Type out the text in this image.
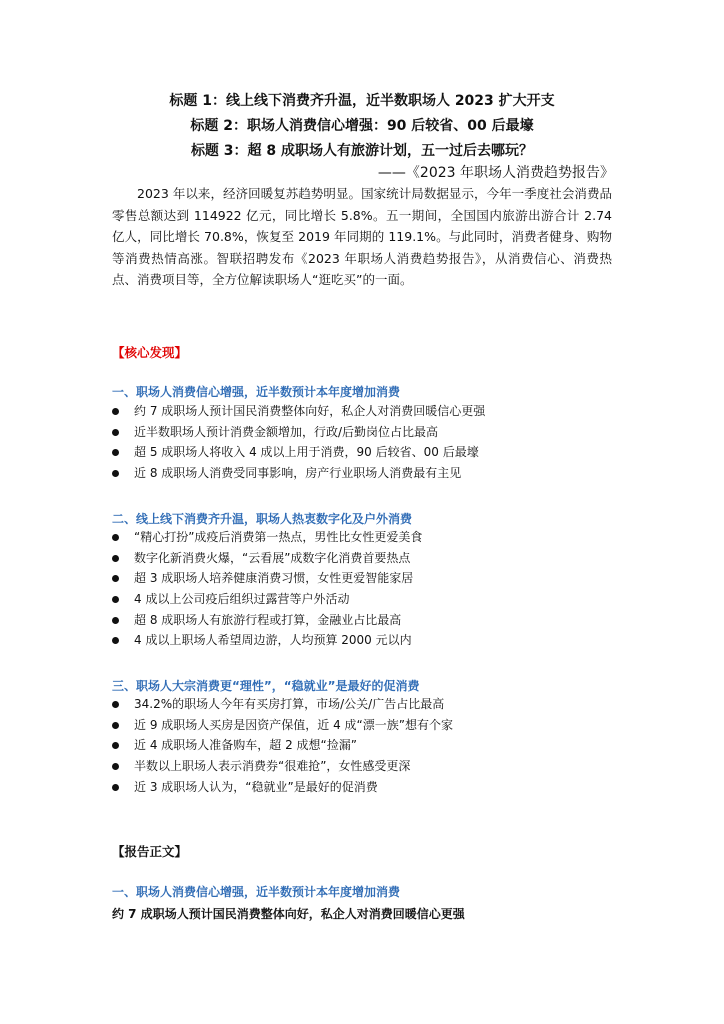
标题 1：线上线下消费齐升温，近半数职场人 2023 扩大开支
标题 2：职场人消费信心增强：90 后较省、00 后最壕
标题 3：超 8 成职场人有旅游计划，五一过后去哪玩？
——《2023 年职场人消费趋势报告》

2023 年以来，经济回暖复苏趋势明显。国家统计局数据显示，今年一季度社会消费品零售总额达到 114922 亿元，同比增长 5.8%。五一期间，全国国内旅游出游合计 2.74 亿人，同比增长 70.8%，恢复至 2019 年同期的 119.1%。与此同时，消费者健身、购物等消费热情高涨。智联招聘发布《2023 年职场人消费趋势报告》，从消费信心、消费热点、消费项目等，全方位解读职场人“逛吃买”的一面。

【核心发现】
一、职场人消费信心增强，近半数预计本年度增加消费
约 7 成职场人预计国民消费整体向好，私企人对消费回暖信心更强
近半数职场人预计消费金额增加，行政/后勤岗位占比最高
超 5 成职场人将收入 4 成以上用于消费，90 后较省、00 后最壕
近 8 成职场人消费受同事影响，房产行业职场人消费最有主见
二、线上线下消费齐升温，职场人热衷数字化及户外消费
“精心打扮”成疫后消费第一热点，男性比女性更爱美食
数字化新消费火爆，“云看展”成数字化消费首要热点
超 3 成职场人培养健康消费习惯，女性更爱智能家居
4 成以上公司疫后组织过露营等户外活动
超 8 成职场人有旅游行程或打算，金融业占比最高
4 成以上职场人希望周边游，人均预算 2000 元以内
三、职场人大宗消费更“理性”，“稳就业”是最好的促消费
34.2%的职场人今年有买房打算，市场/公关/广告占比最高
近 9 成职场人买房是因资产保值，近 4 成“漂一族”想有个家
近 4 成职场人准备购车，超 2 成想“捡漏”
半数以上职场人表示消费券“很难抢”，女性感受更深
近 3 成职场人认为，“稳就业”是最好的促消费
【报告正文】
一、职场人消费信心增强，近半数预计本年度增加消费
约 7 成职场人预计国民消费整体向好，私企人对消费回暖信心更强
